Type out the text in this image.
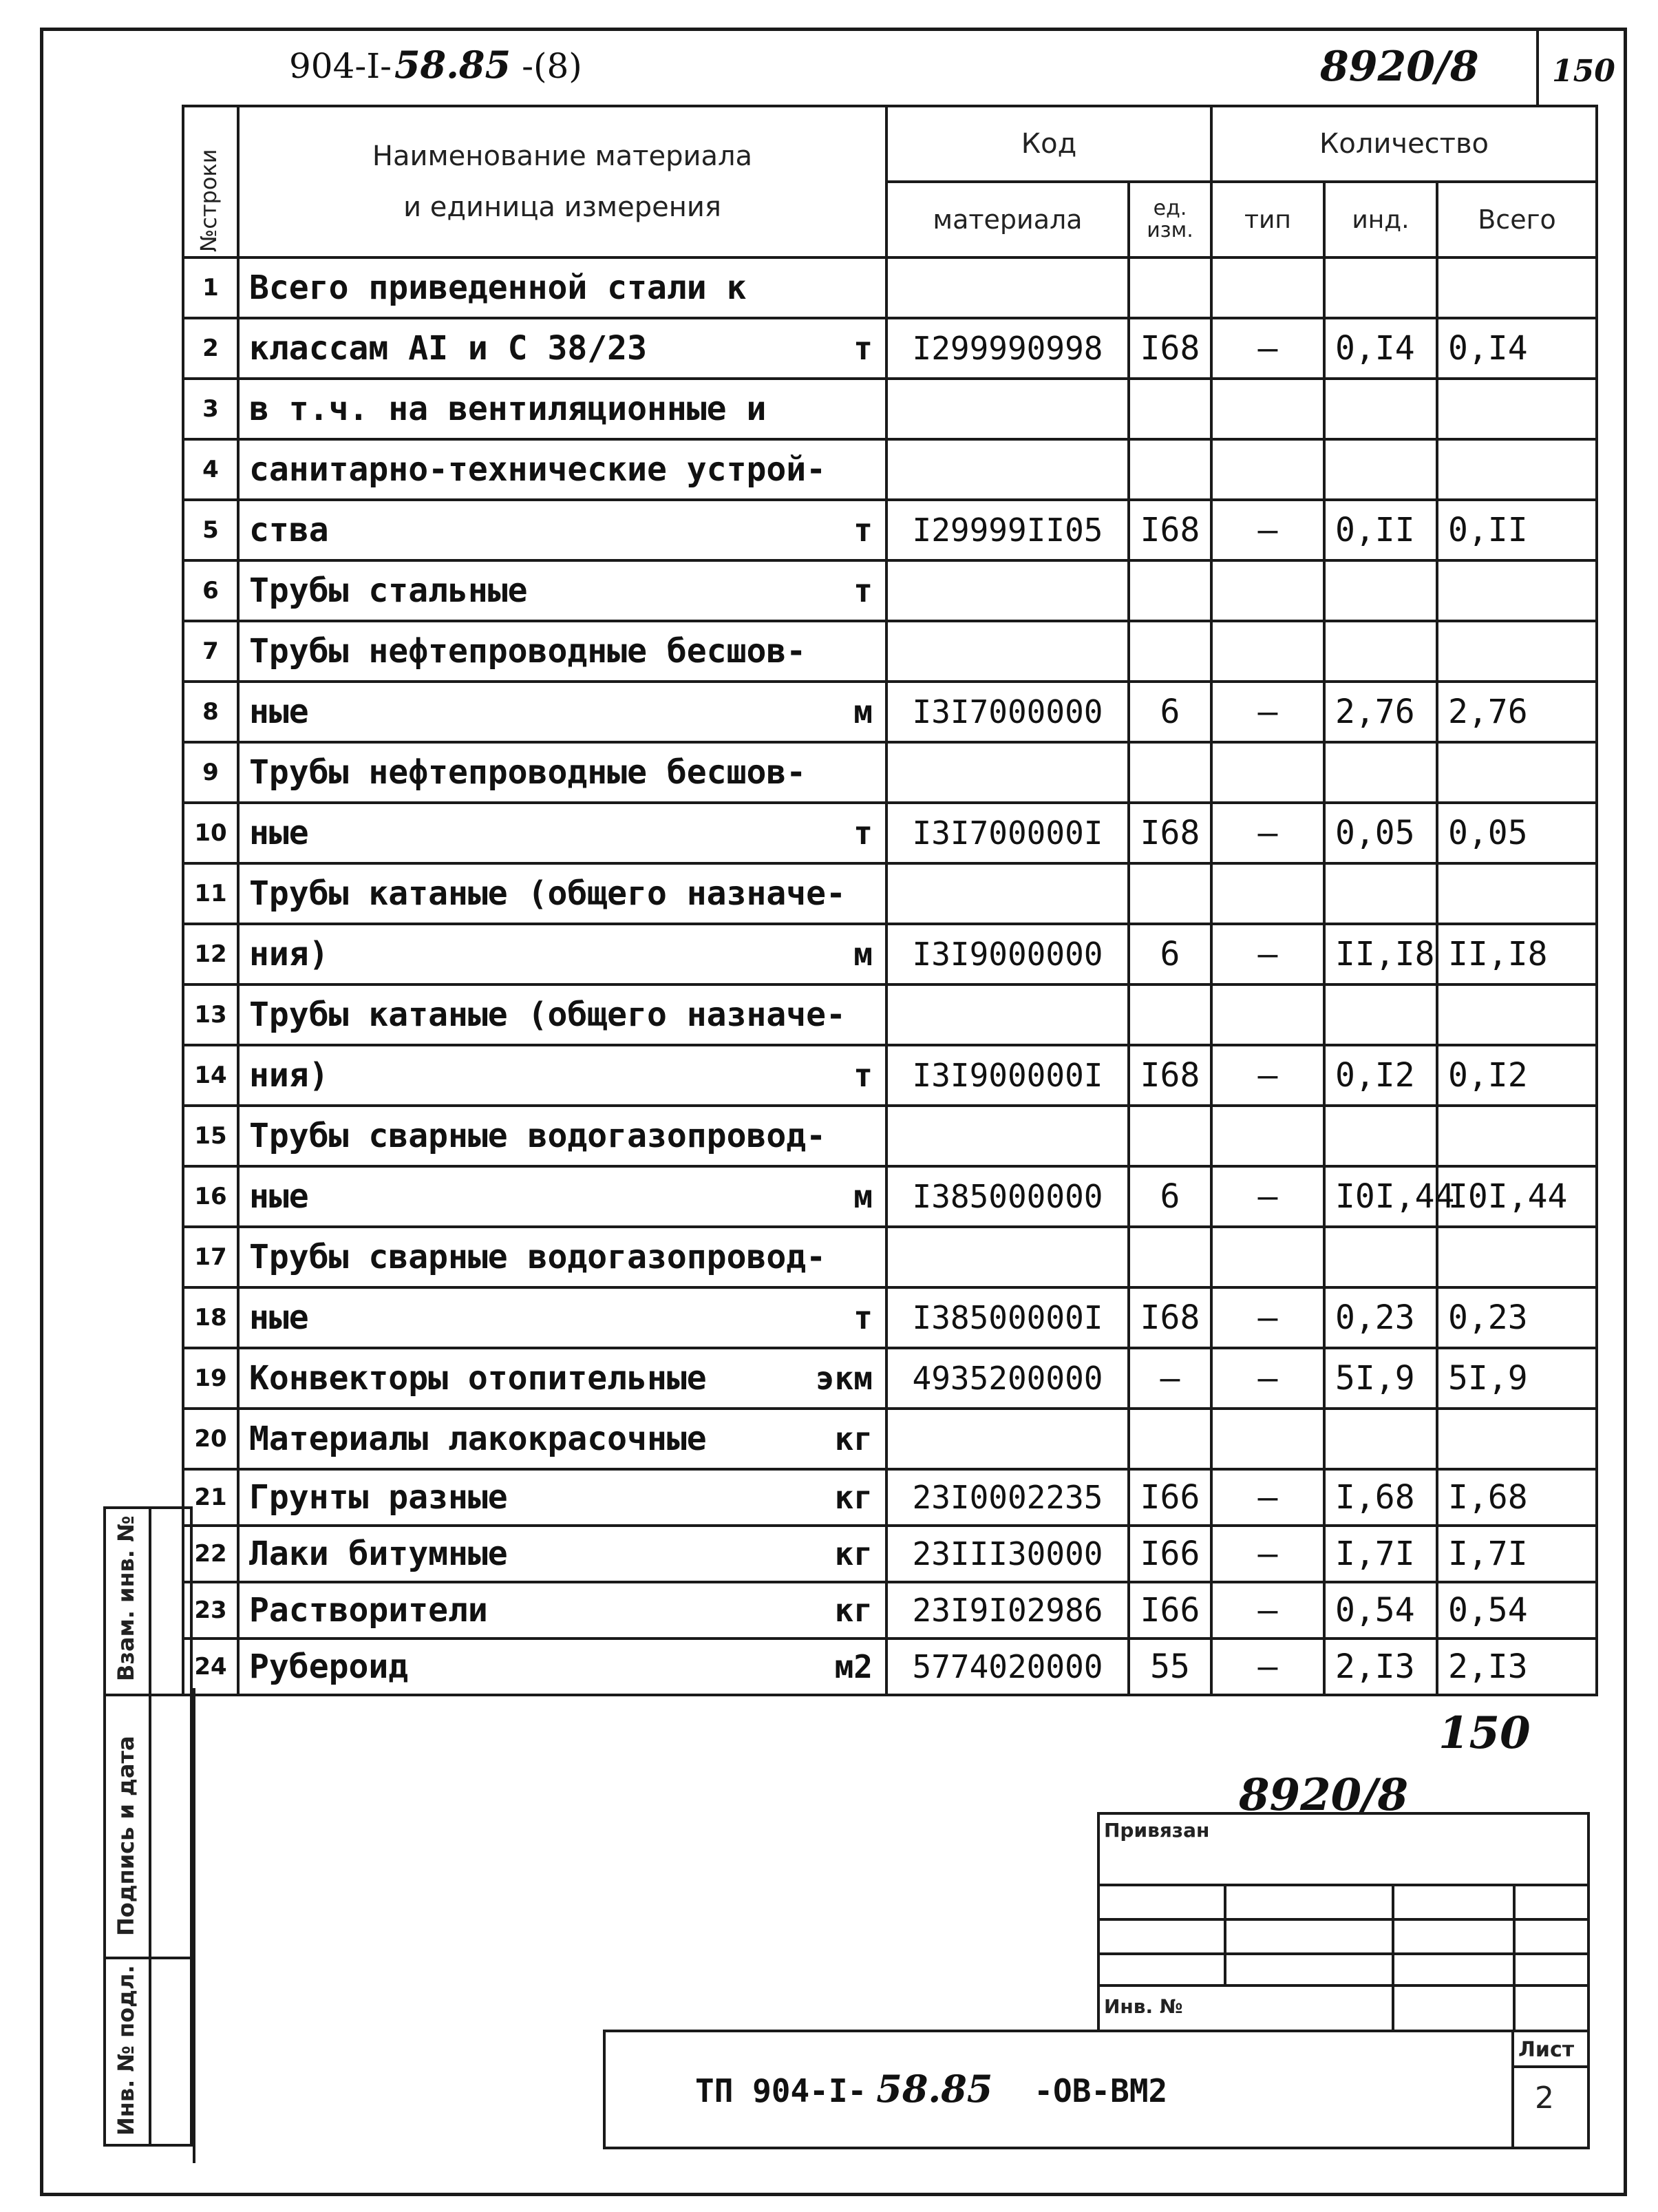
904-I- 58.85 -(8)	8920/8 150
№строки	Наименование материала
и единица измерения	Код		Количество		
		материала	ед. изм.	тип	инд.	Всего
1	Всего приведенной стали к

2	классам AI и С 38/23 т	I299990998	I68	–	0,I4	0,I4
3	в т.ч. на вентиляционные и

4	санитарно-технические устрой-

5	ства т	I29999II05	I68	–	0,II	0,II
6	Трубы стальные т					

7	Трубы нефтепроводные бесшов-

8	ные м	I3I7000000	6	–	2,76	2,76
9	Трубы нефтепроводные бесшов-

10	ные т	I3I700000I	I68	–	0,05	0,05
11	Трубы катаные (общего назначе-

12	ния) м	I3I9000000	6	–	II,I8	II,I8
13	Трубы катаные (общего назначе-

14	ния) т	I3I900000I	I68	–	0,I2	0,I2
15	Трубы сварные водогазопровод-

16	ные м	I385000000	6	–	I0I,44	I0I,44
17	Трубы сварные водогазопровод-

18	ные т	I38500000I	I68	–	0,23	0,23
19	Конвекторы отопительные экм	4935200000	–	–	5I,9	5I,9
20	Материалы лакокрасочные кг					

21	Грунты разные кг	23I0002235	I66	–	I,68	I,68
22	Лаки битумные кг	23III30000	I66	–	I,7I	I,7I
23	Растворители кг	23I9I02986	I66	–	0,54	0,54
24	Рубероид м2	5774020000	55	–	2,I3	2,I3
Взам. инв. №
Подпись и дата
Инв. № подл.
150
8920/8
Привязан
Инв. №
ТП 904-I- 58.85 -ОВ-ВМ2
Лист
2
